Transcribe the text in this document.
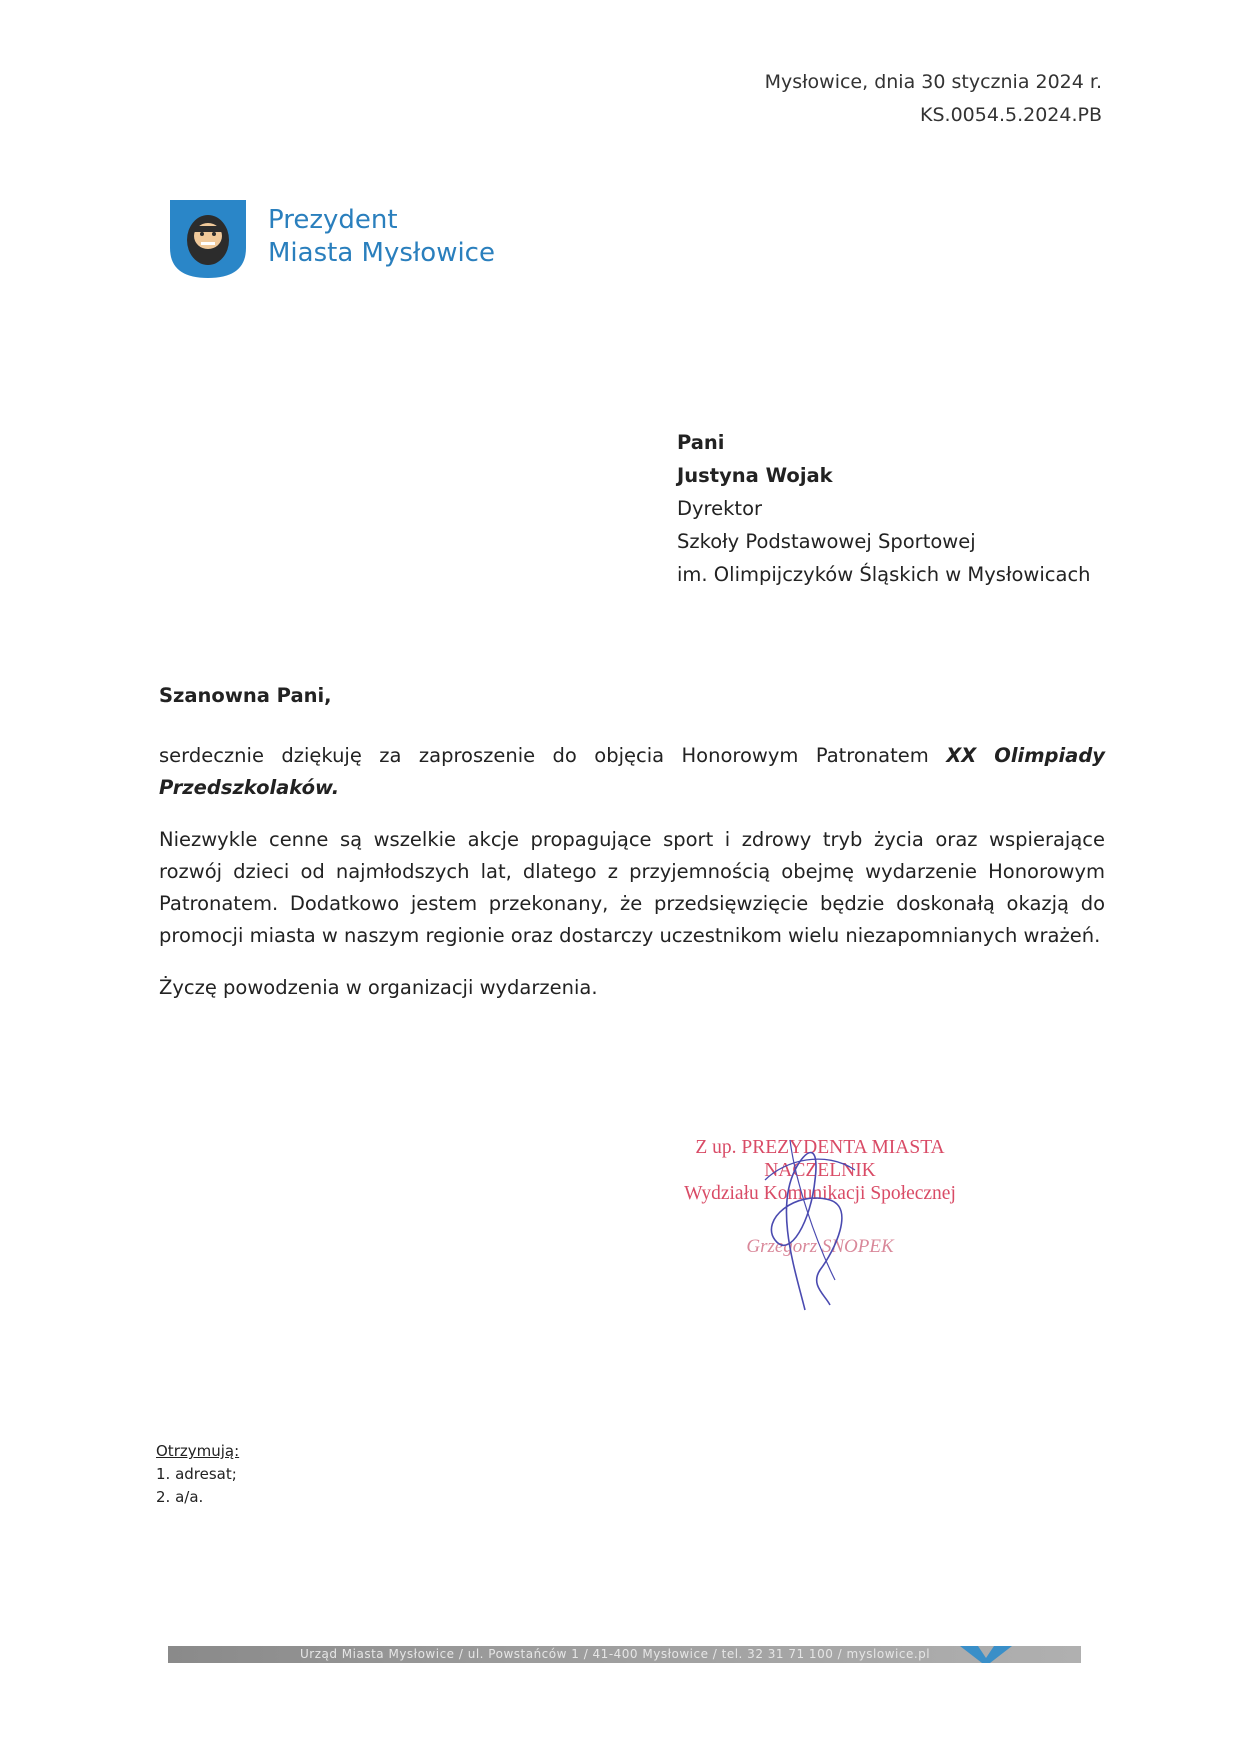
Mysłowice, dnia 30 stycznia 2024 r.
KS.0054.5.2024.PB
Prezydent
Miasta Mysłowice
Pani
Justyna Wojak
Dyrektor
Szkoły Podstawowej Sportowej
im. Olimpijczyków Śląskich w Mysłowicach
Szanowna Pani,
serdecznie dziękuję za zaproszenie do objęcia Honorowym Patronatem XX Olimpiady Przedszkolaków.
Niezwykle cenne są wszelkie akcje propagujące sport i zdrowy tryb życia oraz wspierające rozwój dzieci od najmłodszych lat, dlatego z przyjemnością obejmę wydarzenie Honorowym Patronatem. Dodatkowo jestem przekonany, że przedsięwzięcie będzie doskonałą okazją do promocji miasta w naszym regionie oraz dostarczy uczestnikom wielu niezapomnianych wrażeń.
Życzę powodzenia w organizacji wydarzenia.
Z up. PREZYDENTA MIASTA
NACZELNIK
Wydziału Komunikacji Społecznej
Grzegorz SNOPEK
Otrzymują:
1. adresat;
2. a/a.
Urząd Miasta Mysłowice / ul. Powstańców 1 / 41-400 Mysłowice / tel. 32 31 71 100 / myslowice.pl
